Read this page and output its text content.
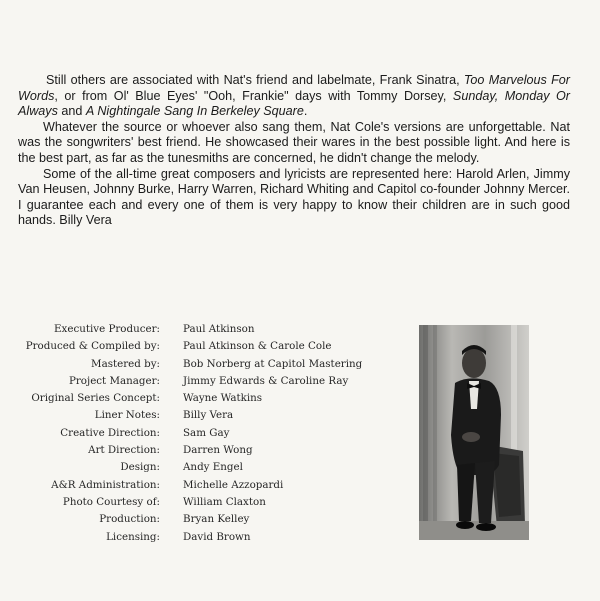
Still others are associated with Nat's friend and labelmate, Frank Sinatra, Too Marvelous For Words, or from Ol' Blue Eyes' "Ooh, Frankie" days with Tommy Dorsey, Sunday, Monday Or Always and A Nightingale Sang In Berkeley Square.

Whatever the source or whoever also sang them, Nat Cole's versions are unforgettable. Nat was the songwriters' best friend. He showcased their wares in the best possible light. And here is the best part, as far as the tunesmiths are concerned, he didn't change the melody.

Some of the all-time great composers and lyricists are represented here: Harold Arlen, Jimmy Van Heusen, Johnny Burke, Harry Warren, Richard Whiting and Capitol co-founder Johnny Mercer. I guarantee each and every one of them is very happy to know their children are in such good hands. Billy Vera

Executive Producer: Paul Atkinson
Produced & Compiled by: Paul Atkinson & Carole Cole
Mastered by: Bob Norberg at Capitol Mastering
Project Manager: Jimmy Edwards & Caroline Ray
Original Series Concept: Wayne Watkins
Liner Notes: Billy Vera
Creative Direction: Sam Gay
Art Direction: Darren Wong
Design: Andy Engel
A&R Administration: Michelle Azzopardi
Photo Courtesy of: William Claxton
Production: Bryan Kelley
Licensing: David Brown
